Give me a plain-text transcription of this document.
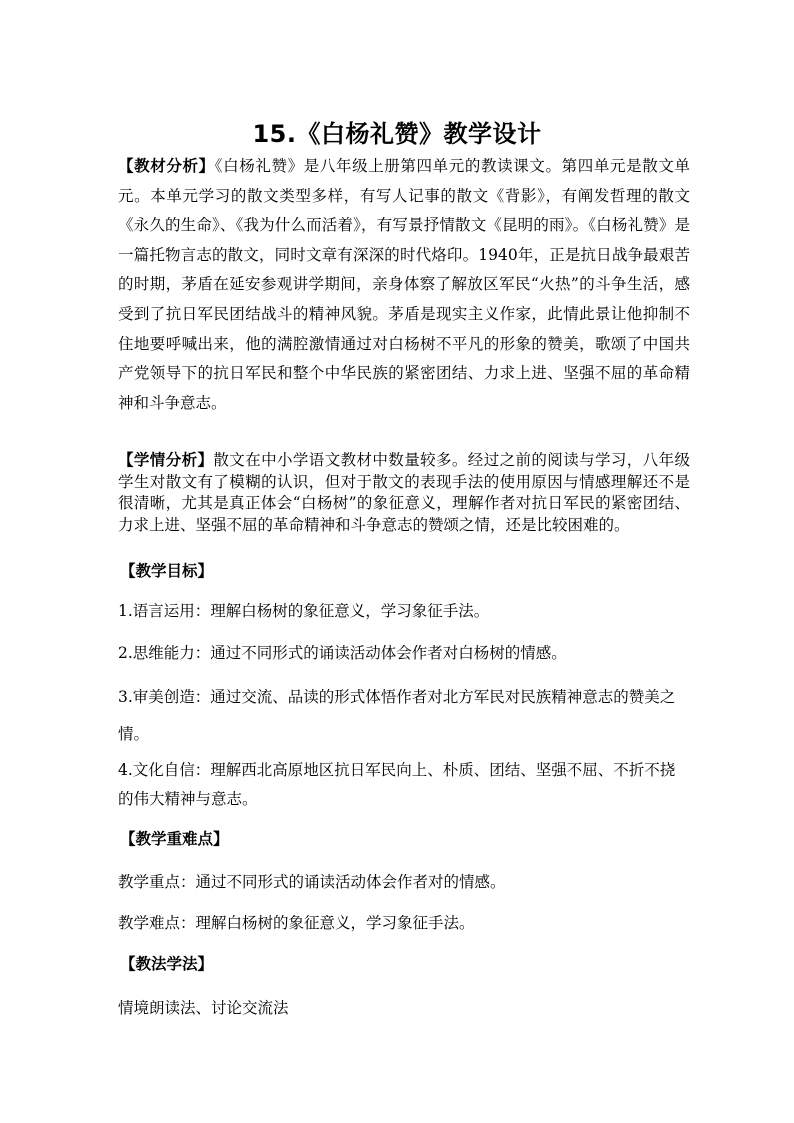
15.《白杨礼赞》教学设计

【教材分析】《白杨礼赞》是八年级上册第四单元的教读课文。第四单元是散文单元。本单元学习的散文类型多样，有写人记事的散文《背影》，有阐发哲理的散文《永久的生命》、《我为什么而活着》，有写景抒情散文《昆明的雨》。《白杨礼赞》是一篇托物言志的散文，同时文章有深深的时代烙印。1940年，正是抗日战争最艰苦的时期，茅盾在延安参观讲学期间，亲身体察了解放区军民“火热”的斗争生活，感受到了抗日军民团结战斗的精神风貌。茅盾是现实主义作家，此情此景让他抑制不住地要呼喊出来，他的满腔激情通过对白杨树不平凡的形象的赞美，歌颂了中国共产党领导下的抗日军民和整个中华民族的紧密团结、力求上进、坚强不屈的革命精神和斗争意志。

【学情分析】散文在中小学语文教材中数量较多。经过之前的阅读与学习，八年级学生对散文有了模糊的认识，但对于散文的表现手法的使用原因与情感理解还不是很清晰，尤其是真正体会“白杨树”的象征意义，理解作者对抗日军民的紧密团结、力求上进、坚强不屈的革命精神和斗争意志的赞颂之情，还是比较困难的。

【教学目标】

1.语言运用：理解白杨树的象征意义，学习象征手法。

2.思维能力：通过不同形式的诵读活动体会作者对白杨树的情感。

3.审美创造：通过交流、品读的形式体悟作者对北方军民对民族精神意志的赞美之情。

4.文化自信：理解西北高原地区抗日军民向上、朴质、团结、坚强不屈、不折不挠的伟大精神与意志。

【教学重难点】

教学重点：通过不同形式的诵读活动体会作者对的情感。

教学难点：理解白杨树的象征意义，学习象征手法。

【教法学法】

情境朗读法、讨论交流法
